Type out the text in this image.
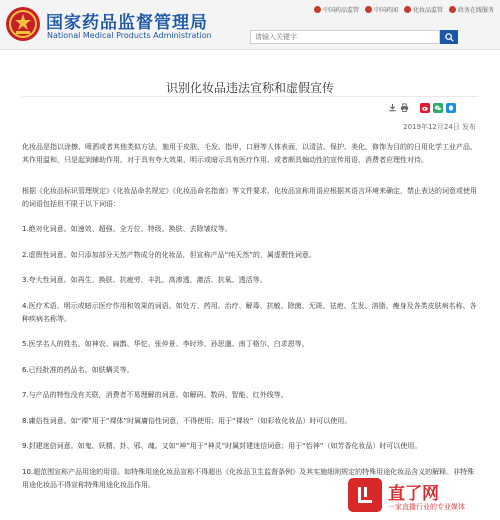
国家药品监督管理局
National Medical Products Administration
中国药品监管	中国药闻	化妆品监管	政务在线服务
请输入关键字
识别化妆品违法宣称和虚假宣传
2019年12月24日 发布

化妆品是指以涂擦、喷洒或者其他类似方法，施用于皮肤、毛发、指甲、口唇等人体表面，以清洁、保护、美化、修饰为目的的日用化学工业产品，其作用温和，只是起到辅助作用。对于具有夸大效果、明示或暗示具有医疗作用、或者颇具煽动性的宣传用语，消费者应理性对待。

根据《化妆品标识管理规定》《化妆品命名规定》《化妆品命名指南》等文件要求，化妆品宣称用语应根据其语言环境来确定，禁止表达的词意或使用的词语包括但不限于以下词语：

1.绝对化词意。如速效、超强、全方位、特级、换肤、去除皱纹等。

2.虚假性词意。如只添加部分天然产物成分的化妆品，但宣称产品“纯天然”的，属虚假性词意。

3.夸大性词意。如再生、换肤、抗疲劳、丰乳、高渗透、激活、抗氧、透活等。

4.医疗术语、明示或暗示医疗作用和效果的词语。如处方、药用、治疗、解毒、抗敏、除菌、无斑、祛疤、生发、溶脂、瘦身及各类皮肤病名称、各种疾病名称等。

5.医学名人的姓名。如神农、扁鹊、华佗、张仲景、李时珍、孙思邈、南丁格尔、白求恩等。

6.已经批准的药品名。如肤螨灵等。

7.与产品的特性没有关联，消费者不易理解的词意。如解码、数码、智能、红外线等。

8.庸俗性词意。如“裸”用于“裸体”时属庸俗性词意，不得使用；用于“裸妆”（如彩妆化妆品）时可以使用。

9.封建迷信词意。如鬼、妖精、卦、邪、魂。又如“神”用于“神灵”时属封建迷信词意；用于“怡神”（如芳香化妆品）时可以使用。

10.超范围宣称产品用途的用语。如特殊用途化妆品宣称不得超出《化妆品卫生监督条例》及其实施细则规定的特殊用途化妆品含义的解释。非特殊用途化妆品不得宣称特殊用途化妆品作用。	直了网
一家直播行业的专业媒体
